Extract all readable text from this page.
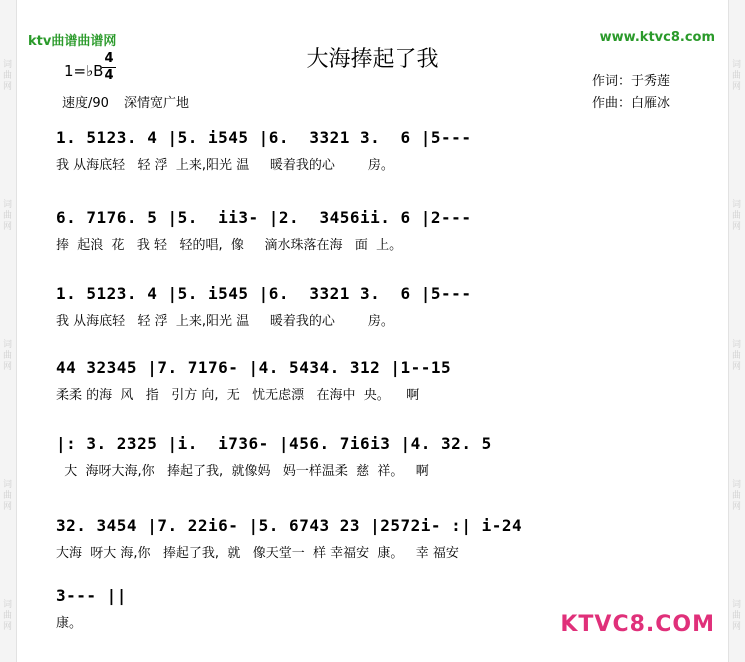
词曲网
词曲网
词曲网
词曲网
词曲网
词曲网
词曲网
词曲网
词曲网
词曲网
ktv曲谱曲谱网	www.ktvc8.com
大海捧起了我
1=♭B
4
4
速度/90 深情宽广地
作词：于秀莲
作曲：白雁冰
1. 5123. 4 |5. i545 |6.  3321 3.  6 |5---
我 从海底轻   轻 浮  上来,阳光 温     暖着我的心        房。
6. 7176. 5 |5.  ii3- |2.  3456ii. 6 |2---
捧  起浪  花   我 轻   轻的唱,  像     滴水珠落在海   面  上。
1. 5123. 4 |5. i545 |6.  3321 3.  6 |5---
我 从海底轻   轻 浮  上来,阳光 温     暖着我的心        房。
44 32345 |7. 7176- |4. 5434. 312 |1--15
柔柔 的海  风   指   引方 向,  无   忧无虑漂   在海中  央。    啊
|: 3. 2325 |i.  i736- |456. 7i6i3 |4. 32. 5
大  海呀大海,你   捧起了我,  就像妈   妈一样温柔  慈  祥。   啊
32. 3454 |7. 22i6- |5. 6743 23 |2572i- :| i-24
大海  呀大 海,你   捧起了我,  就   像天堂一  样 幸福安  康。   幸 福安
3--- ||
康。	KTVC8.COM
